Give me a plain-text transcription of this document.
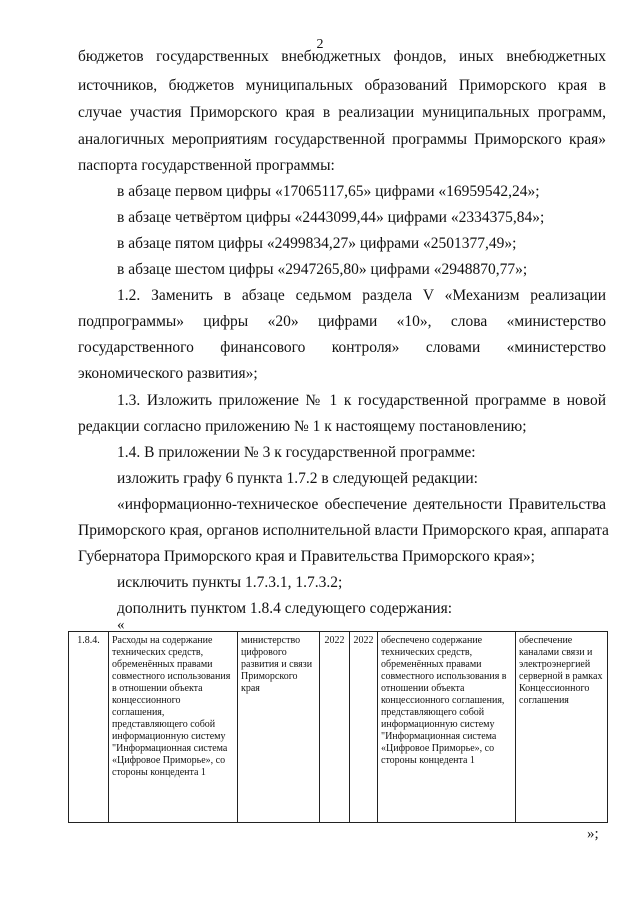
2
бюджетов государственных внебюджетных фондов, иных внебюджетных
источников, бюджетов муниципальных образований Приморского края в
случае участия Приморского края в реализации муниципальных программ,
аналогичных мероприятиям государственной программы Приморского края»
паспорта государственной программы:
в абзаце первом цифры «17065117,65» цифрами «16959542,24»;
в абзаце четвёртом цифры «2443099,44» цифрами «2334375,84»;
в абзаце пятом цифры «2499834,27» цифрами «2501377,49»;
в абзаце шестом цифры «2947265,80» цифрами «2948870,77»;
1.2. Заменить в абзаце седьмом раздела V «Механизм реализации
подпрограммы» цифры «20» цифрами «10», слова «министерство
государственного финансового контроля» словами «министерство
экономического развития»;
1.3. Изложить приложение № 1 к государственной программе в новой
редакции согласно приложению № 1 к настоящему постановлению;
1.4. В приложении № 3 к государственной программе:
изложить графу 6 пункта 1.7.2 в следующей редакции:
«информационно-техническое обеспечение деятельности Правительства
Приморского края, органов исполнительной власти Приморского края, аппарата
Губернатора Приморского края и Правительства Приморского края»;
исключить пункты 1.7.3.1, 1.7.3.2;
дополнить пунктом 1.8.4 следующего содержания:
«
1.8.4.	Расходы на содержание технических средств, обременённых правами совместного использования в отношении объекта концессионного соглашения, представляющего собой информационную систему "Информационная система «Цифровое Приморье», со стороны концедента 1	министерство цифрового развития и связи Приморского края	2022	2022	обеспечено содержание технических средств, обременённых правами совместного использования в отношении объекта концессионного соглашения, представляющего собой информационную систему "Информационная система «Цифровое Приморье», со стороны концедента 1	обеспечение каналами связи и электроэнергией серверной в рамках Концессионного соглашения
»;
